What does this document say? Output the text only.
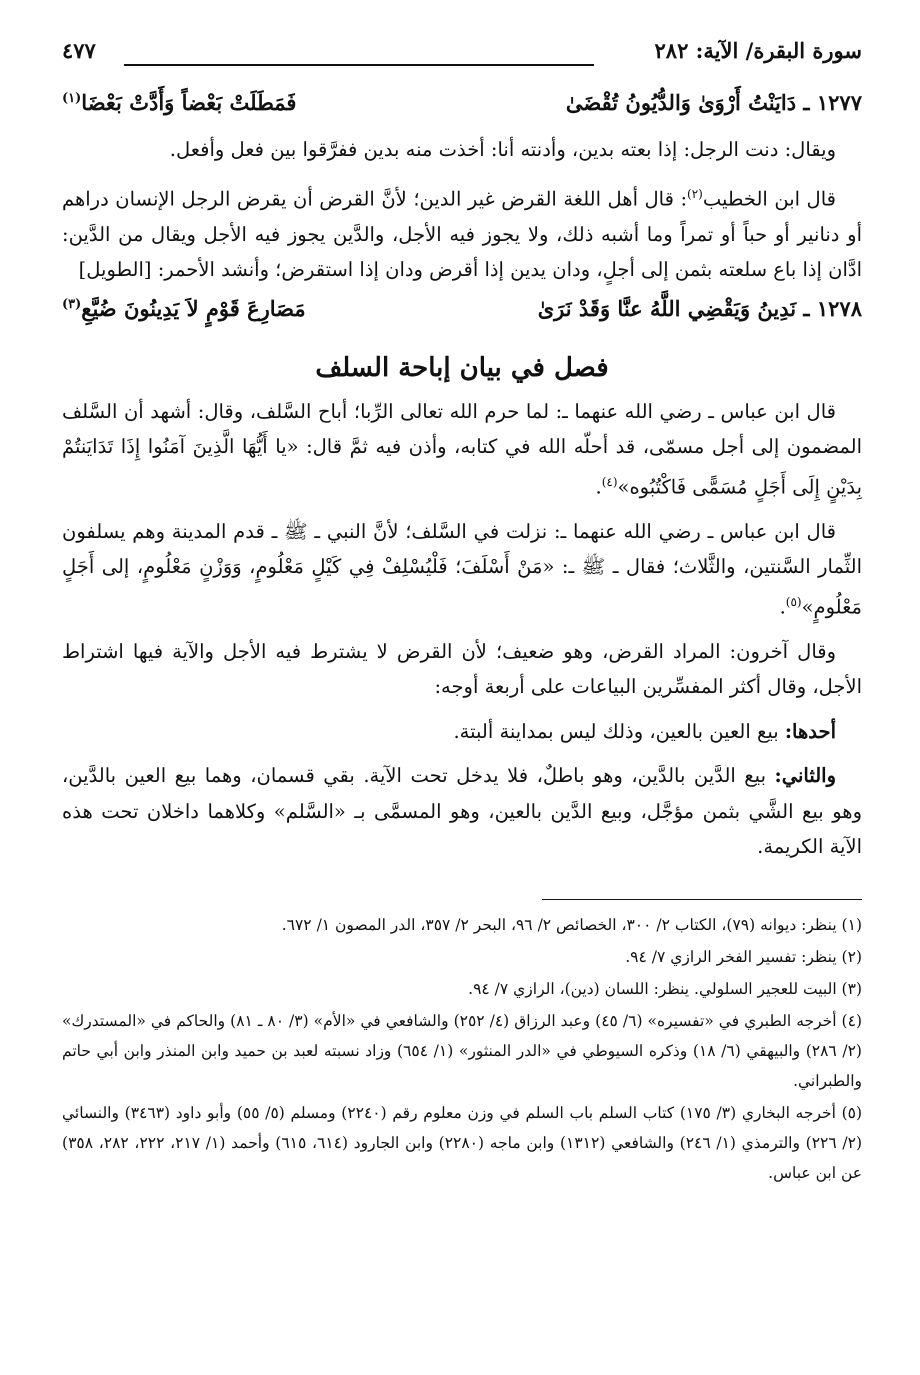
سورة البقرة/ الآية: ٢٨٢
٤٧٧
١٢٧٧ ـ دَايَنْتُ أَرْوَىٰ وَالدُّيُونُ تُقْضَىٰ
فَمَطَلَتْ بَعْضاً وَأَدَّتْ بَعْضَا$^{(١)}$

ويقال: دنت الرجل: إذا بعته بدين، وأدنته أنا: أخذت منه بدين ففرَّقوا بين فعل وأفعل.

قال ابن الخطيب$^{(٢)}$: قال أهل اللغة القرض غير الدين؛ لأنَّ القرض أن يقرض الرجل الإنسان دراهم أو دنانير أو حباً أو تمراً وما أشبه ذلك، ولا يجوز فيه الأجل، والدَّين يجوز فيه الأجل ويقال من الدَّين: ادَّان إذا باع سلعته بثمن إلى أجلٍ، ودان يدين إذا أقرض ودان إذا استقرض؛ وأنشد الأحمر: [الطويل]

١٢٧٨ ـ نَدِينُ وَيَقْضِي اللَّهُ عنَّا وَقَدْ نَرَىٰ
مَصَارِعَ قَوْمٍ لاَ يَدِينُونَ ضُيَّعِ$^{(٣)}$
فصل في بيان إباحة السلف

قال ابن عباس ـ رضي الله عنهما ـ: لما حرم الله تعالى الرِّبا؛ أباح السَّلف، وقال: أشهد أن السَّلف المضمون إلى أجل مسمّى، قد أحلّه الله في كتابه، وأذن فيه ثمَّ قال: «يا أَيُّهَا الَّذِينَ آمَنُوا إِذَا تَدَايَنتُمْ بِدَيْنٍ إِلَى أَجَلٍ مُسَمًّى فَاكْتُبُوه»$^{(٤)}$.

قال ابن عباس ـ رضي الله عنهما ـ: نزلت في السَّلف؛ لأنَّ النبي ـ ﷺ ـ قدم المدينة وهم يسلفون الثِّمار السَّنتين، والثَّلاث؛ فقال ـ ﷺ ـ: «مَنْ أَسْلَفَ؛ فَلْيُسْلِفْ فِي كَيْلٍ مَعْلُومٍ، وَوَزْنٍ مَعْلُومٍ، إلى أَجَلٍ مَعْلُومٍ»$^{(٥)}$.

وقال آخرون: المراد القرض، وهو ضعيف؛ لأن القرض لا يشترط فيه الأجل والآية فيها اشتراط الأجل، وقال أكثر المفسِّرين البياعات على أربعة أوجه:

أحدها: بيع العين بالعين، وذلك ليس بمداينة ألبتة.

والثاني: بيع الدَّين بالدَّين، وهو باطلٌ، فلا يدخل تحت الآية. بقي قسمان، وهما بيع العين بالدَّين، وهو بيع الشَّي بثمن مؤجَّل، وبيع الدَّين بالعين، وهو المسمَّى بـ «السَّلم» وكلاهما داخلان تحت هذه الآية الكريمة.

(١) ينظر: ديوانه (٧٩)، الكتاب ٢/ ٣٠٠، الخصائص ٢/ ٩٦، البحر ٢/ ٣٥٧، الدر المصون ١/ ٦٧٢.

(٢) ينظر: تفسير الفخر الرازي ٧/ ٩٤.

(٣) البيت للعجير السلولي. ينظر: اللسان (دين)، الرازي ٧/ ٩٤.

(٤) أخرجه الطبري في «تفسيره» (٦/ ٤٥) وعبد الرزاق (٤/ ٢٥٢) والشافعي في «الأم» (٣/ ٨٠ ـ ٨١) والحاكم في «المستدرك» (٢/ ٢٨٦) والبيهقي (٦/ ١٨) وذكره السيوطي في «الدر المنثور» (١/ ٦٥٤) وزاد نسبته لعبد بن حميد وابن المنذر وابن أبي حاتم والطبراني.

(٥) أخرجه البخاري (٣/ ١٧٥) كتاب السلم باب السلم في وزن معلوم رقم (٢٢٤٠) ومسلم (٥/ ٥٥) وأبو داود (٣٤٦٣) والنسائي (٢/ ٢٢٦) والترمذي (١/ ٢٤٦) والشافعي (١٣١٢) وابن ماجه (٢٢٨٠) وابن الجارود (٦١٤، ٦١٥) وأحمد (١/ ٢١٧، ٢٢٢، ٢٨٢، ٣٥٨) عن ابن عباس.
